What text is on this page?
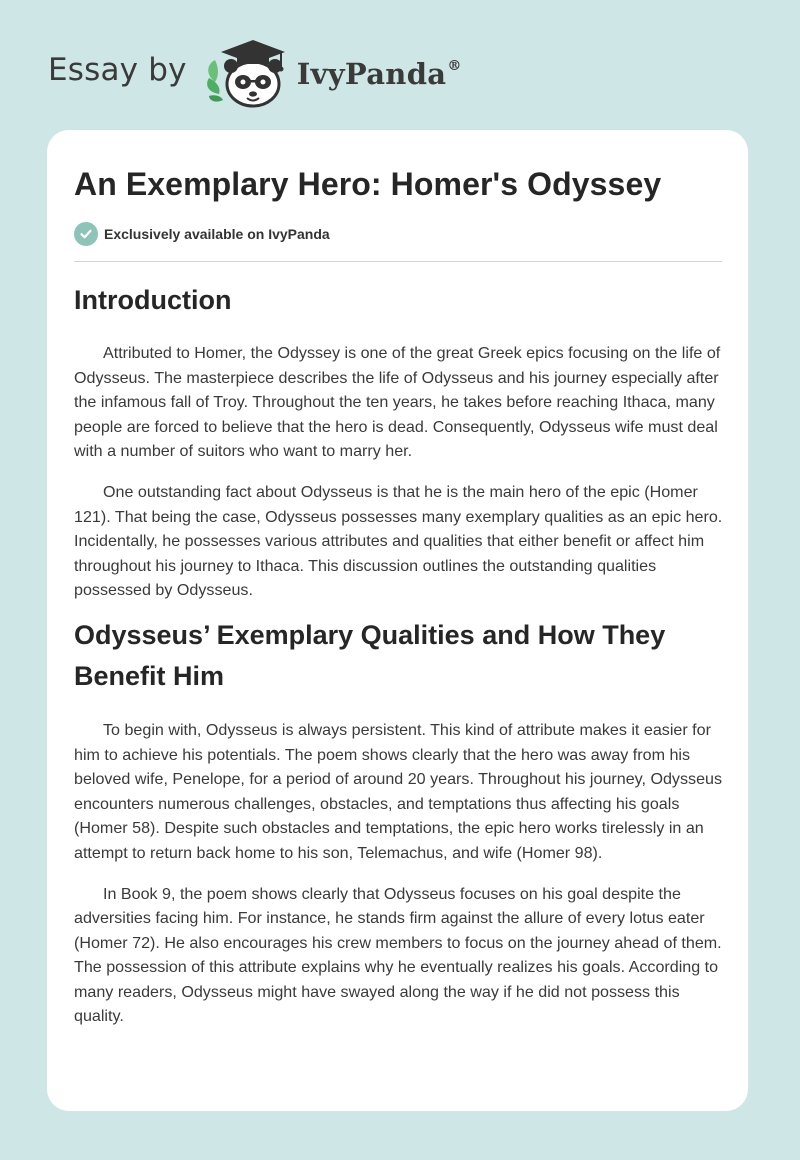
Essay by	IvyPanda®
An Exemplary Hero: Homer's Odyssey
Exclusively available on IvyPanda
Introduction

Attributed to Homer, the Odyssey is one of the great Greek epics focusing on the life of Odysseus. The masterpiece describes the life of Odysseus and his journey especially after the infamous fall of Troy. Throughout the ten years, he takes before reaching Ithaca, many people are forced to believe that the hero is dead. Consequently, Odysseus wife must deal with a number of suitors who want to marry her.

One outstanding fact about Odysseus is that he is the main hero of the epic (Homer 121). That being the case, Odysseus possesses many exemplary qualities as an epic hero. Incidentally, he possesses various attributes and qualities that either benefit or affect him throughout his journey to Ithaca. This discussion outlines the outstanding qualities possessed by Odysseus.

Odysseus’ Exemplary Qualities and How They Benefit Him

To begin with, Odysseus is always persistent. This kind of attribute makes it easier for him to achieve his potentials. The poem shows clearly that the hero was away from his beloved wife, Penelope, for a period of around 20 years. Throughout his journey, Odysseus encounters numerous challenges, obstacles, and temptations thus affecting his goals (Homer 58). Despite such obstacles and temptations, the epic hero works tirelessly in an attempt to return back home to his son, Telemachus, and wife (Homer 98).

In Book 9, the poem shows clearly that Odysseus focuses on his goal despite the adversities facing him. For instance, he stands firm against the allure of every lotus eater (Homer 72). He also encourages his crew members to focus on the journey ahead of them. The possession of this attribute explains why he eventually realizes his goals. According to many readers, Odysseus might have swayed along the way if he did not possess this quality.
